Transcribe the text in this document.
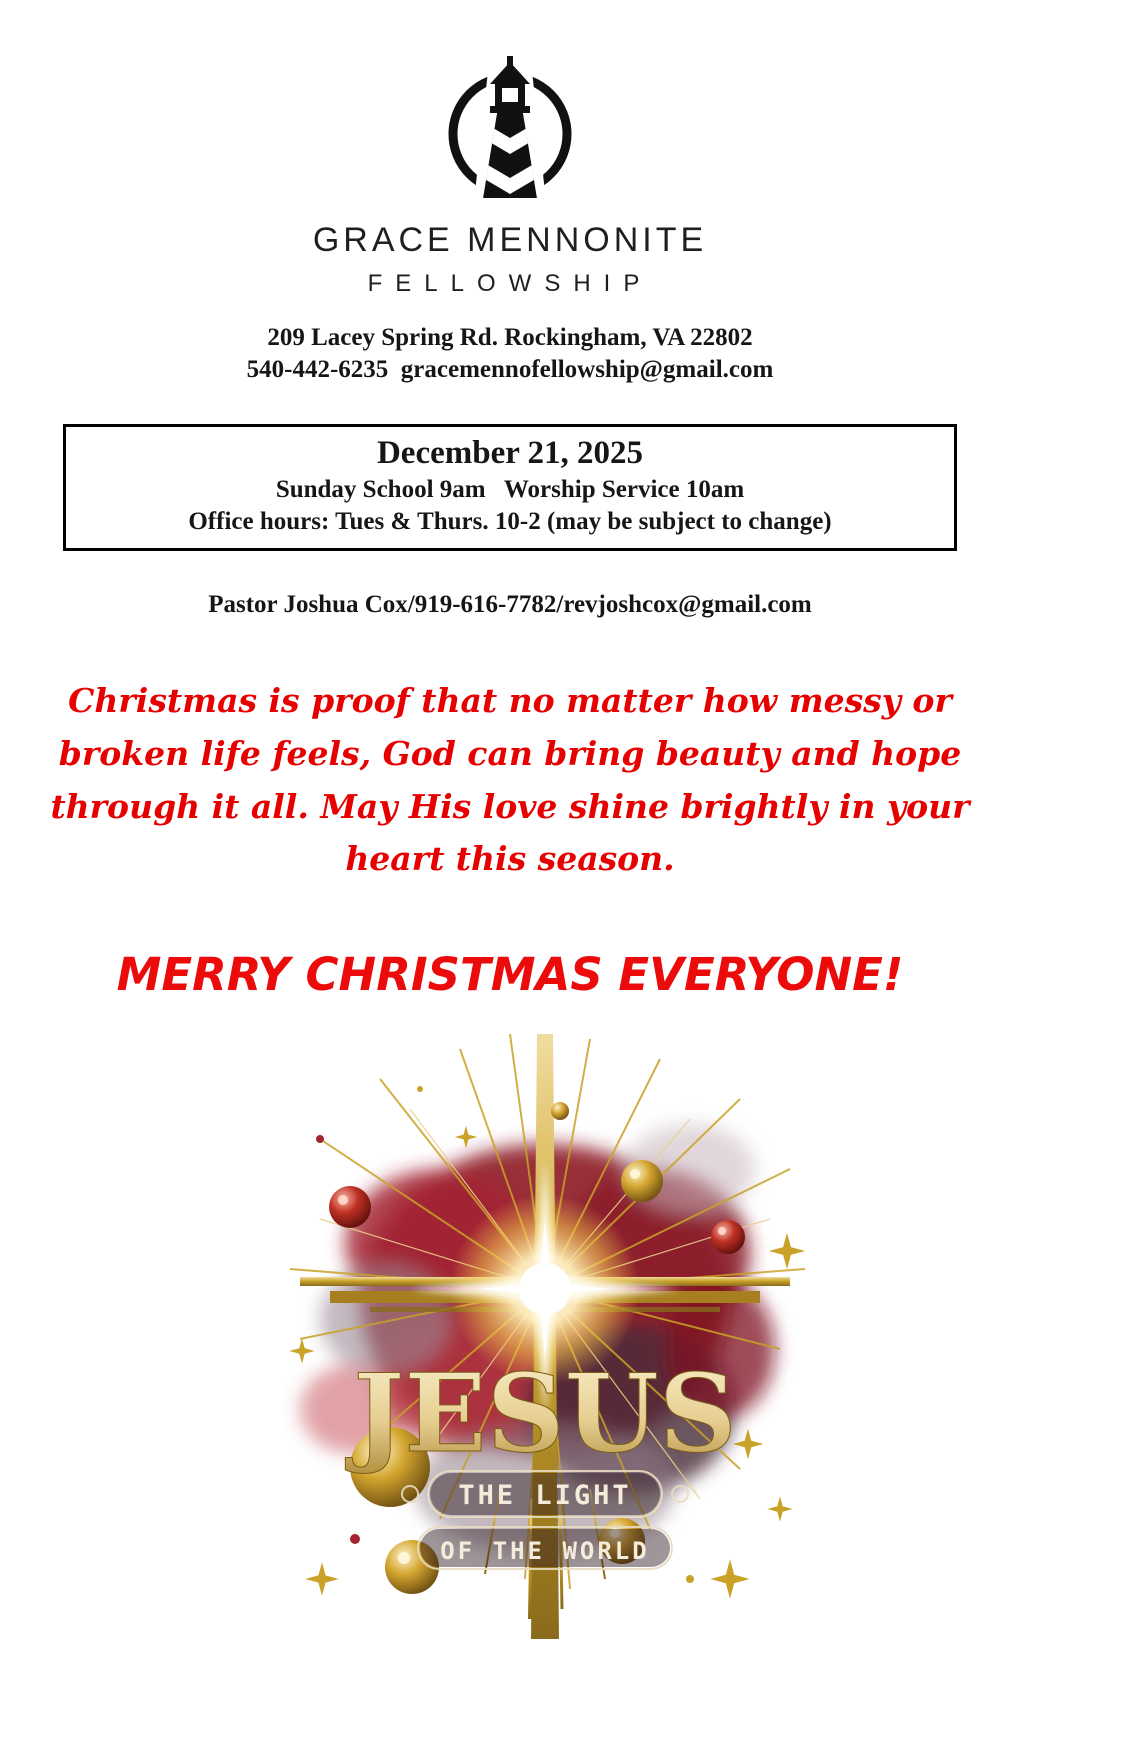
GRACE MENNONITE
FELLOWSHIP
209 Lacey Spring Rd. Rockingham, VA 22802
540-442-6235  gracemennofellowship@gmail.com
December 21, 2025
Sunday School 9am   Worship Service 10am
Office hours: Tues & Thurs. 10-2 (may be subject to change)
Pastor Joshua Cox/919-616-7782/revjoshcox@gmail.com
Christmas is proof that no matter how messy or broken life feels, God can bring beauty and hope through it all. May His love shine brightly in your heart this season.
MERRY CHRISTMAS EVERYONE!
JESUS
THE LIGHT
OF THE WORLD
